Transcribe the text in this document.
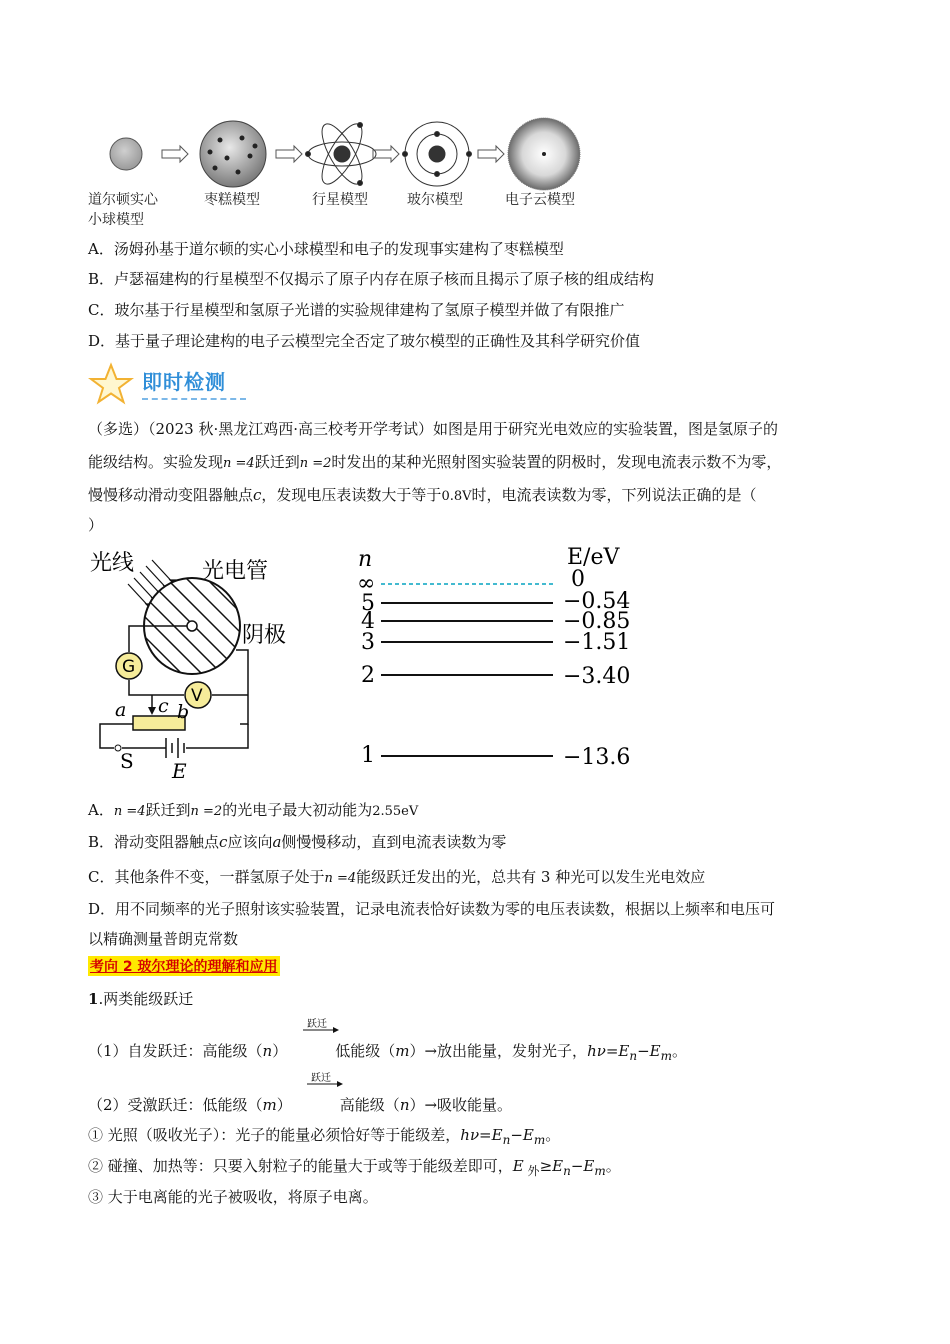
道尔顿实心
小球模型
枣糕模型	行星模型	玻尔模型	电子云模型
A．汤姆孙基于道尔顿的实心小球模型和电子的发现事实建构了枣糕模型
B．卢瑟福建构的行星模型不仅揭示了原子内存在原子核而且揭示了原子核的组成结构
C．玻尔基于行星模型和氢原子光谱的实验规律建构了氢原子模型并做了有限推广
D．基于量子理论建构的电子云模型完全否定了玻尔模型的正确性及其科学研究价值
即时检测
（多选）（2023 秋·黑龙江鸡西·高三校考开学考试）如图是用于研究光电效应的实验装置，图是氢原子的
能级结构。实验发现n =4跃迁到n =2时发出的某种光照射图实验装置的阴极时，发现电流表示数不为零，
慢慢移动滑动变阻器触点c，发现电压表读数大于等于0.8V时，电流表读数为零，下列说法正确的是（
）
光线	光电管
阴极
G
V
a c b
S E
n	E/eV
∞	0
5	−0.54
4	−0.85
3	−1.51
2	−3.40
1	−13.6
A．n =4跃迁到n =2的光电子最大初动能为2.55eV
B．滑动变阻器触点c应该向a侧慢慢移动，直到电流表读数为零
C．其他条件不变，一群氢原子处于n =4能级跃迁发出的光，总共有 3 种光可以发生光电效应
D．用不同频率的光子照射该实验装置，记录电流表恰好读数为零的电压表读数，根据以上频率和电压可
以精确测量普朗克常数
考向 2 玻尔理论的理解和应用
1.两类能级跃迁
跃迁
（1）自发跃迁：高能级（n）	低能级（m）→放出能量，发射光子，$h\nu=E_n-E_m$。
跃迁
（2）受激跃迁：低能级（m）	高能级（n）→吸收能量。
① 光照（吸收光子）：光子的能量必须恰好等于能级差，$h\nu=E_n-E_m$。
② 碰撞、加热等：只要入射粒子的能量大于或等于能级差即可，E $_外\ge E_n-E_m$。
③ 大于电离能的光子被吸收，将原子电离。
